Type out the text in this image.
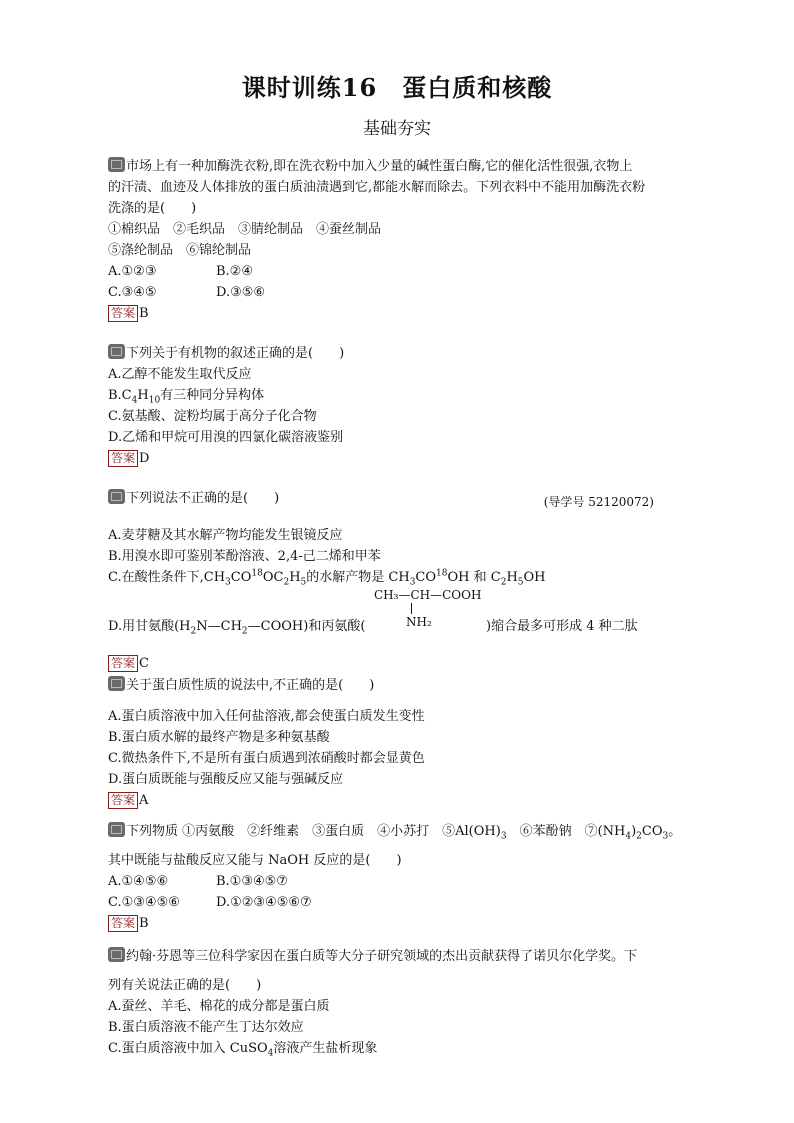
课时训练16　蛋白质和核酸
基础夯实
市场上有一种加酶洗衣粉,即在洗衣粉中加入少量的碱性蛋白酶,它的催化活性很强,衣物上
的汗渍、血迹及人体排放的蛋白质油渍遇到它,都能水解而除去。下列衣料中不能用加酶洗衣粉
洗涤的是(　　)
①棉织品　②毛织品　③腈纶制品　④蚕丝制品
⑤涤纶制品　⑥锦纶制品
A.①②③	B.②④
C.③④⑤	D.③⑤⑥
答案 B
下列关于有机物的叙述正确的是(　　)
A.乙醇不能发生取代反应
$B.C_4H_{10}$有三种同分异构体
C.氨基酸、淀粉均属于高分子化合物
D.乙烯和甲烷可用溴的四氯化碳溶液鉴别
答案 D
下列说法不正确的是(　　)
A.麦芽糖及其水解产物均能发生银镜反应
B.用溴水即可鉴别苯酚溶液、2,4-己二烯和甲苯
C.在酸性条件下$,CH_3CO^{18}OC_2H_5$的水解产物是 $CH_3CO^{18}OH$ 和 $C_2H_5OH$
(导学号 52120072)
CH₃—CH—COOH
NH₂
D.用甘氨酸$(H_2N—CH_2—COOH)$和丙氨酸(	)缩合最多可形成 4 种二肽
答案 C
关于蛋白质性质的说法中,不正确的是(　　)
A.蛋白质溶液中加入任何盐溶液,都会使蛋白质发生变性
B.蛋白质水解的最终产物是多种氨基酸
C.微热条件下,不是所有蛋白质遇到浓硝酸时都会显黄色
D.蛋白质既能与强酸反应又能与强碱反应
答案 A
下列物质 ①丙氨酸　②纤维素　③蛋白质　④小苏打　$⑤Al(OH)_3$　⑥苯酚钠　$⑦(NH_4)_2CO_3$。
其中既能与盐酸反应又能与 NaOH 反应的是(　　)
A.①④⑤⑥	B.①③④⑤⑦
C.①③④⑤⑥	D.①②③④⑤⑥⑦
答案 B
约翰·芬恩等三位科学家因在蛋白质等大分子研究领域的杰出贡献获得了诺贝尔化学奖。下
列有关说法正确的是(　　)
A.蚕丝、羊毛、棉花的成分都是蛋白质
B.蛋白质溶液不能产生丁达尔效应
C.蛋白质溶液中加入 CuSO$_4$溶液产生盐析现象
